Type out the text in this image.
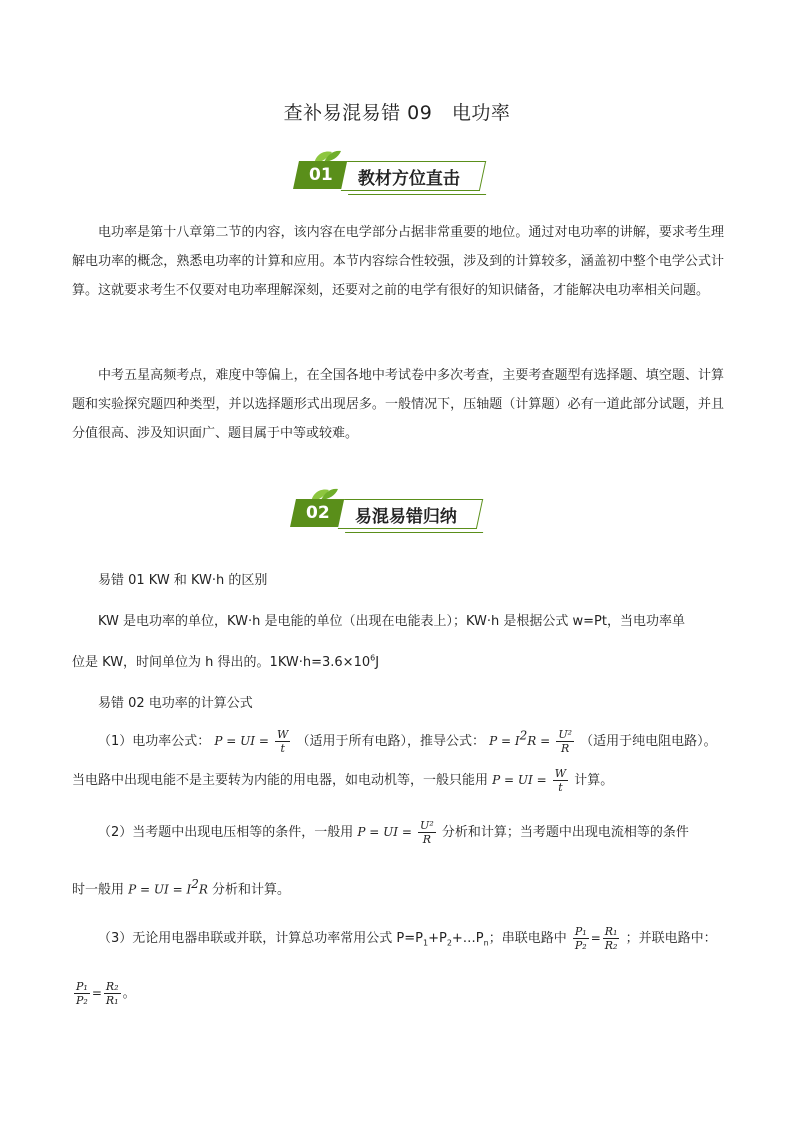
查补易混易错 09　电功率
01 教材方位直击

电功率是第十八章第二节的内容，该内容在电学部分占据非常重要的地位。通过对电功率的讲解，要求考生理解电功率的概念，熟悉电功率的计算和应用。本节内容综合性较强，涉及到的计算较多，涵盖初中整个电学公式计算。这就要求考生不仅要对电功率理解深刻，还要对之前的电学有很好的知识储备，才能解决电功率相关问题。

中考五星高频考点，难度中等偏上，在全国各地中考试卷中多次考查，主要考查题型有选择题、填空题、计算题和实验探究题四种类型，并以选择题形式出现居多。一般情况下，压轴题（计算题）必有一道此部分试题，并且分值很高、涉及知识面广、题目属于中等或较难。

02 易混易错归纳
易错 01 KW 和 KW·h 的区别
KW 是电功率的单位，KW·h 是电能的单位（出现在电能表上）；KW·h 是根据公式 w=Pt，当电功率单
位是 KW，时间单位为 h 得出的。$1KW\cdot h=3.6\times 10^6J$
易错 02 电功率的计算公式
（1）电功率公式： P = UI = $\frac{W}{t}$ （适用于所有电路），推导公式： $P = I^2R = \frac{\text{U²}}{R}$ （适用于纯电阻电路）。
当电路中出现电能不是主要转为内能的用电器，如电动机等，一般只能用 P = UI = $\frac{W}{t}$ 计算。
（2）当考题中出现电压相等的条件，一般用 P = UI = $\frac{\text{U²}}{R}$ 分析和计算；当考题中出现电流相等的条件
时一般用 P = UI = $I^2R$ 分析和计算。
（3）无论用电器串联或并联，计算总功率常用公式 $P=P_1+P_2+\dots P_n$；串联电路中 $\frac{\text{P₁}}{\text{P₂}} = \frac{\text{R₁}}{\text{R₂}}$ ；并联电路中：
$\frac{\text{P₁}}{\text{P₂}} = \frac{\text{R₂}}{\text{R₁}}$ 。
